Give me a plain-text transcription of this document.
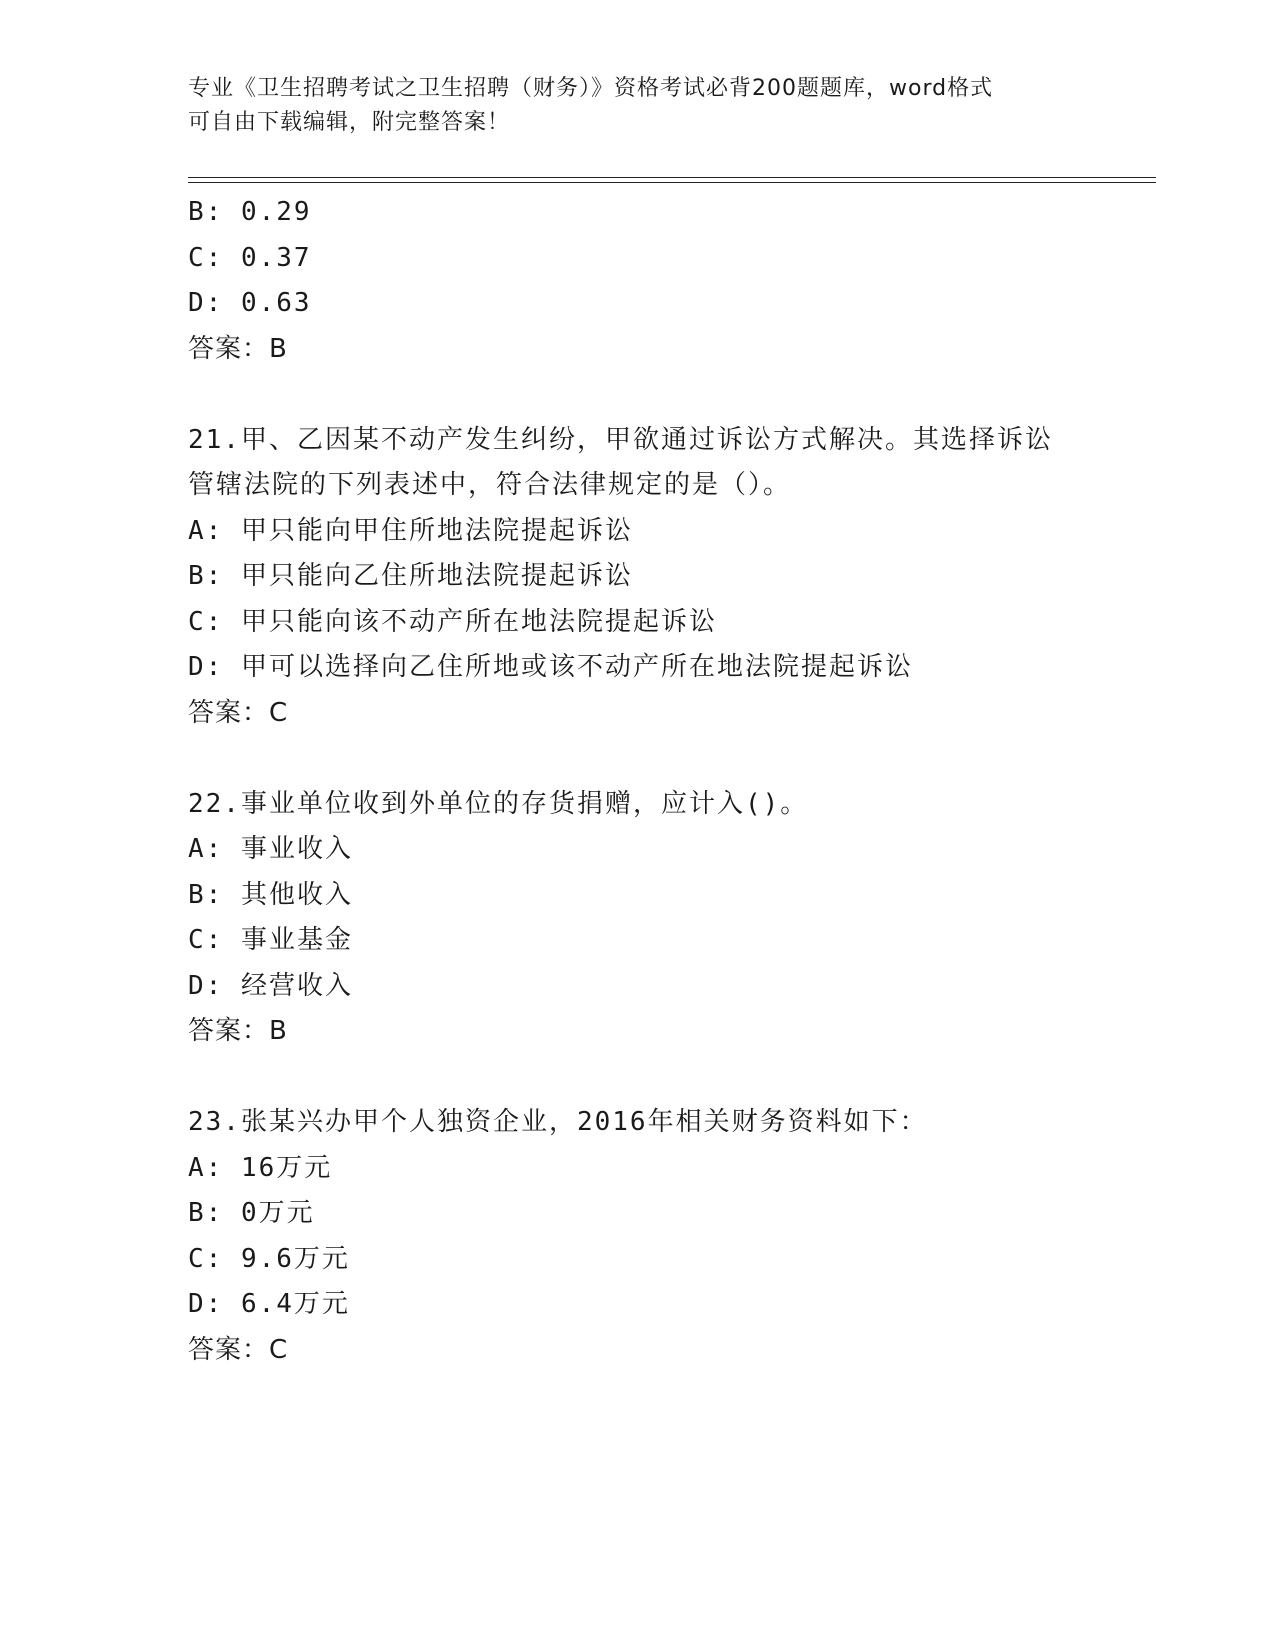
专业《卫生招聘考试之卫生招聘（财务）》资格考试必背200题题库，word格式
可自由下载编辑，附完整答案！
B: 0.29
C: 0.37
D: 0.63
答案：B
21.甲、乙因某不动产发生纠纷，甲欲通过诉讼方式解决。其选择诉讼
管辖法院的下列表述中，符合法律规定的是（）。
A: 甲只能向甲住所地法院提起诉讼
B: 甲只能向乙住所地法院提起诉讼
C: 甲只能向该不动产所在地法院提起诉讼
D: 甲可以选择向乙住所地或该不动产所在地法院提起诉讼
答案：C
22.事业单位收到外单位的存货捐赠，应计入()。
A: 事业收入
B: 其他收入
C: 事业基金
D: 经营收入
答案：B
23.张某兴办甲个人独资企业，2016年相关财务资料如下：
A: 16万元
B: 0万元
C: 9.6万元
D: 6.4万元
答案：C
